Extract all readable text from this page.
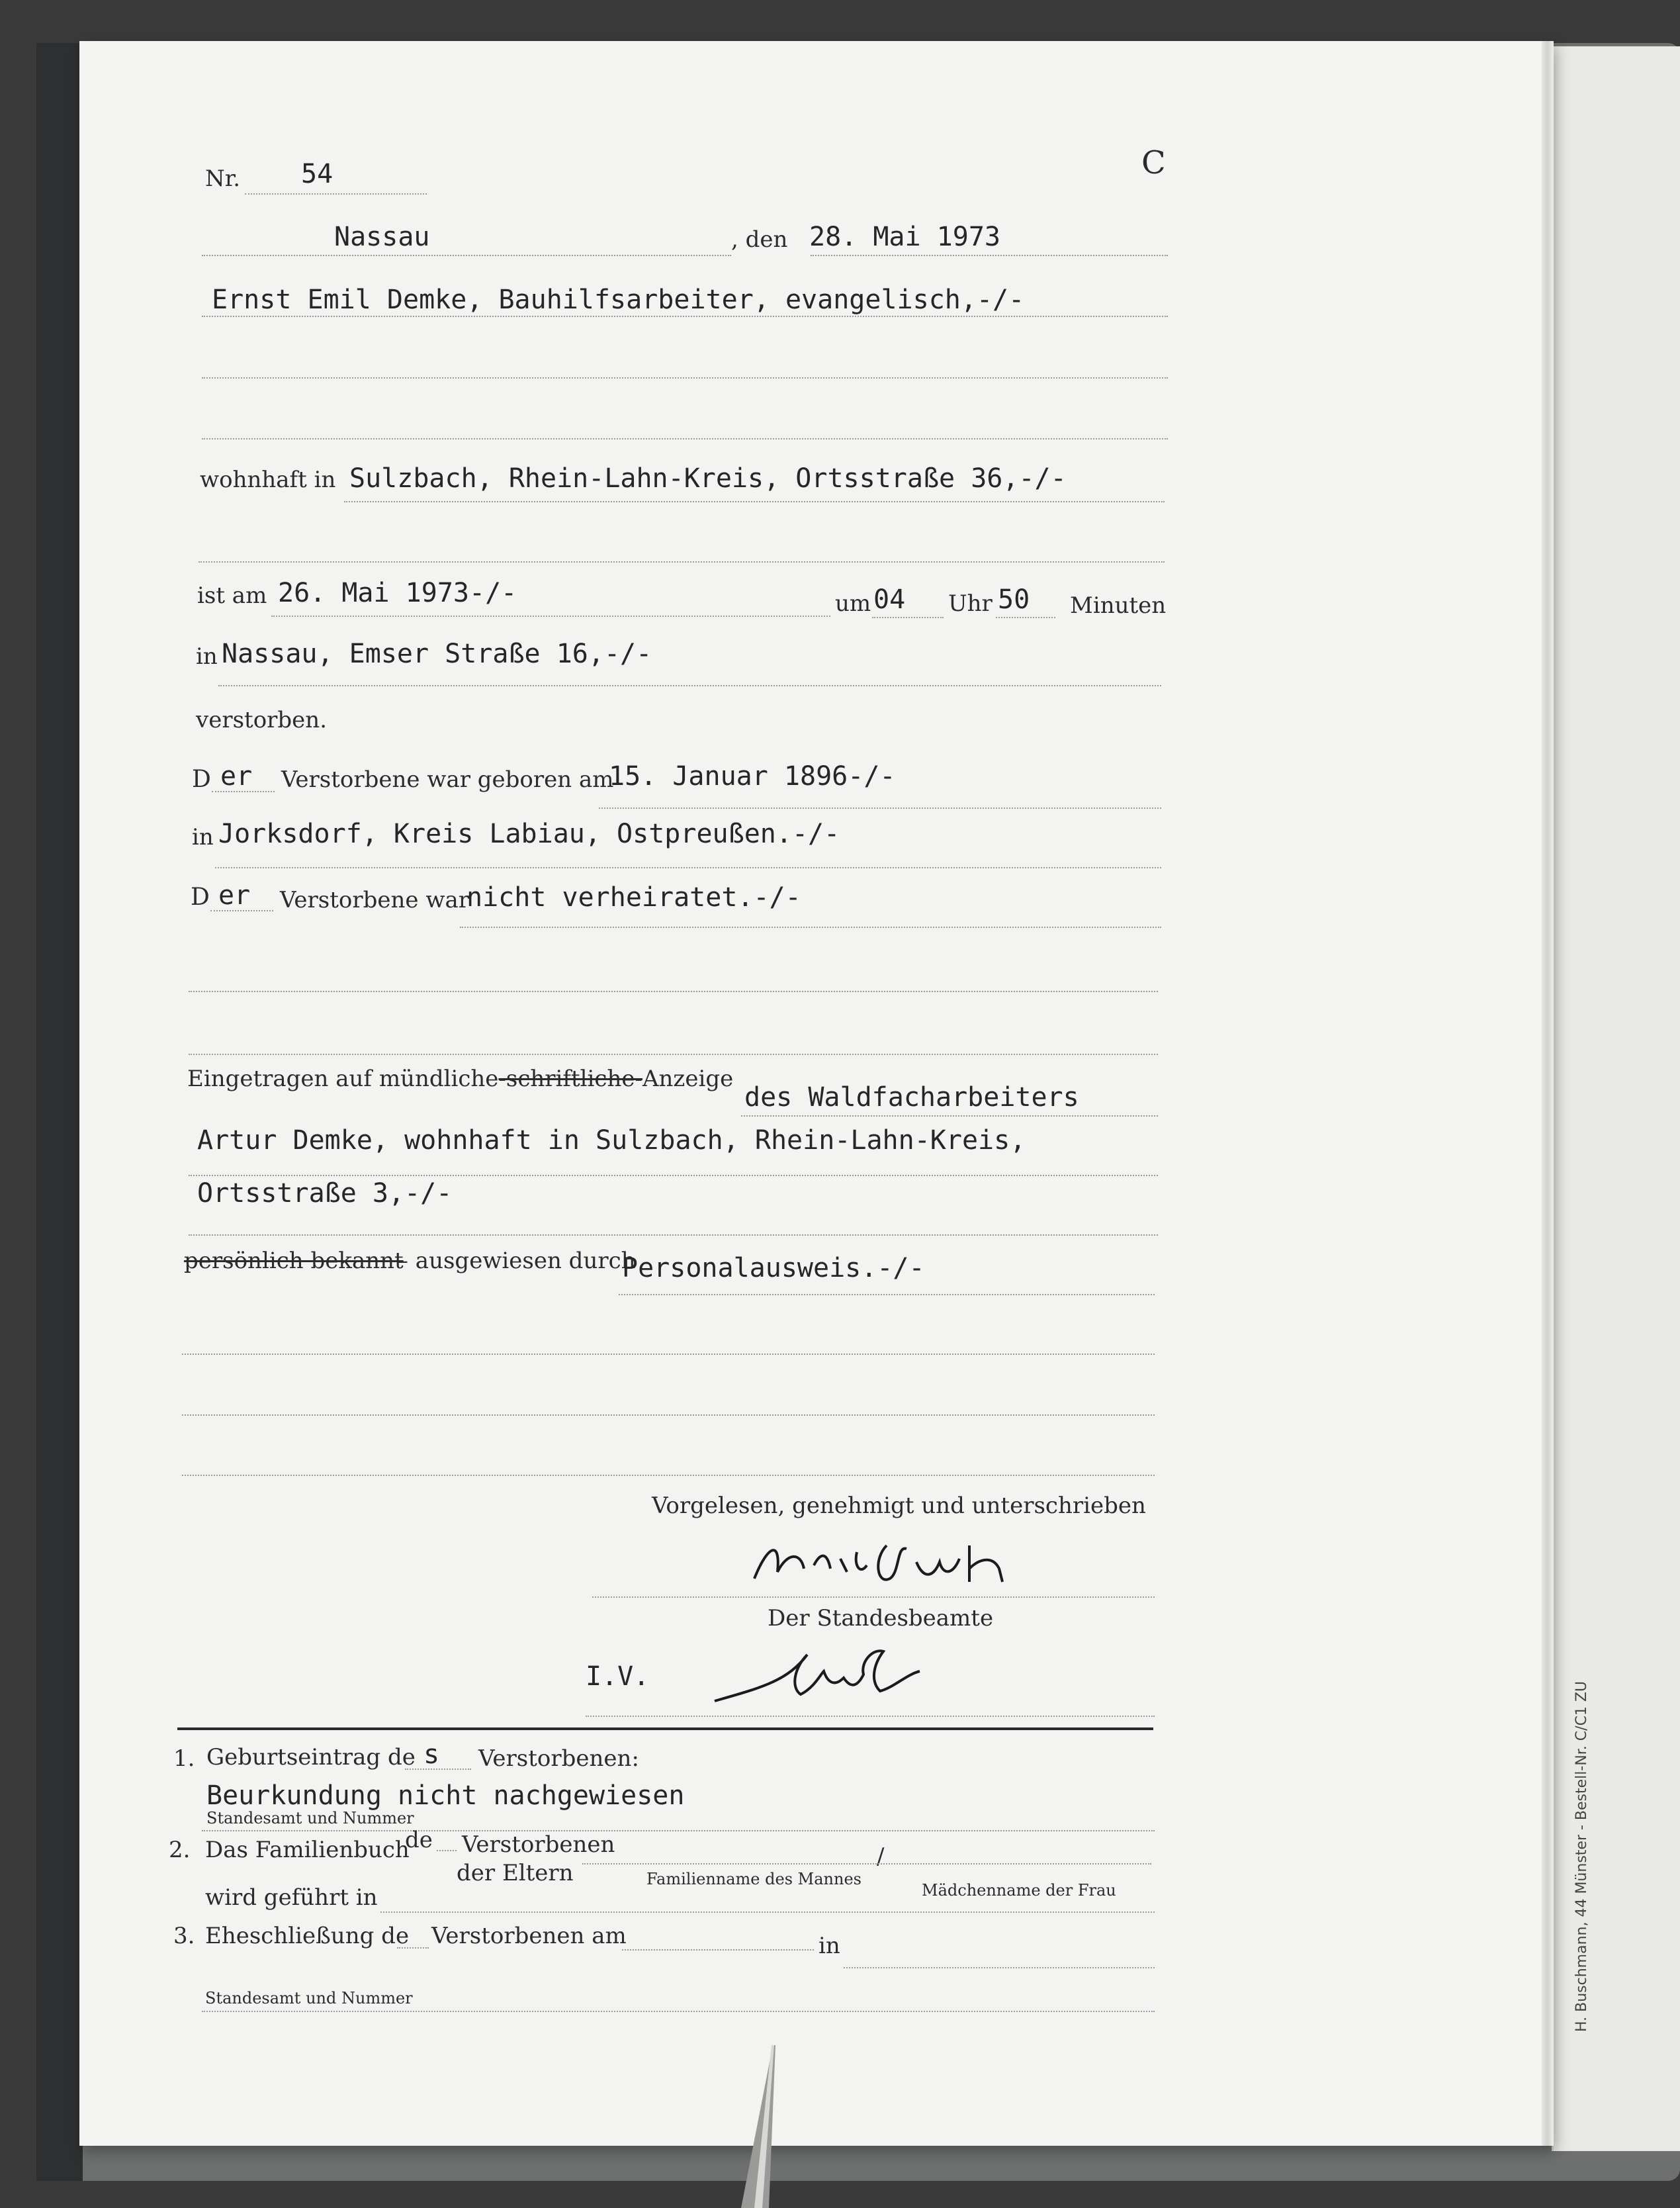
Nr. 54	C
Nassau	, den 28. Mai 1973
Ernst Emil Demke, Bauhilfsarbeiter, evangelisch,-/-
wohnhaft in Sulzbach, Rhein-Lahn-Kreis, Ortsstraße 36,-/-
ist am 26. Mai 1973-/-	um 04 Uhr 50 Minuten
in Nassau, Emser Straße 16,-/-
verstorben.
D er Verstorbene war geboren am
15. Januar 1896-/-
in Jorksdorf, Kreis Labiau, Ostpreußen.-/-
D er Verstorbene war
nicht verheiratet.-/-
Eingetragen auf mündliche-schriftliche-Anzeige
des Waldfacharbeiters
Artur Demke, wohnhaft in Sulzbach, Rhein-Lahn-Kreis,
Ortsstraße 3,-/-
persönlich bekannt
– ausgewiesen durch
Personalausweis.-/-
Vorgelesen, genehmigt und unterschrieben
Der Standesbeamte
I.V.
1. Geburtseintrag de s Verstorbenen:
Beurkundung nicht nachgewiesen
Standesamt und Nummer
2. Das Familienbuch
de Verstorbenen
der Eltern	Familienname des Mannes
/
Mädchenname der Frau
wird geführt in
3. Eheschließung de Verstorbenen am	in
Standesamt und Nummer	H. Buschmann, 44 Münster - Bestell-Nr. C/C1 ZU
